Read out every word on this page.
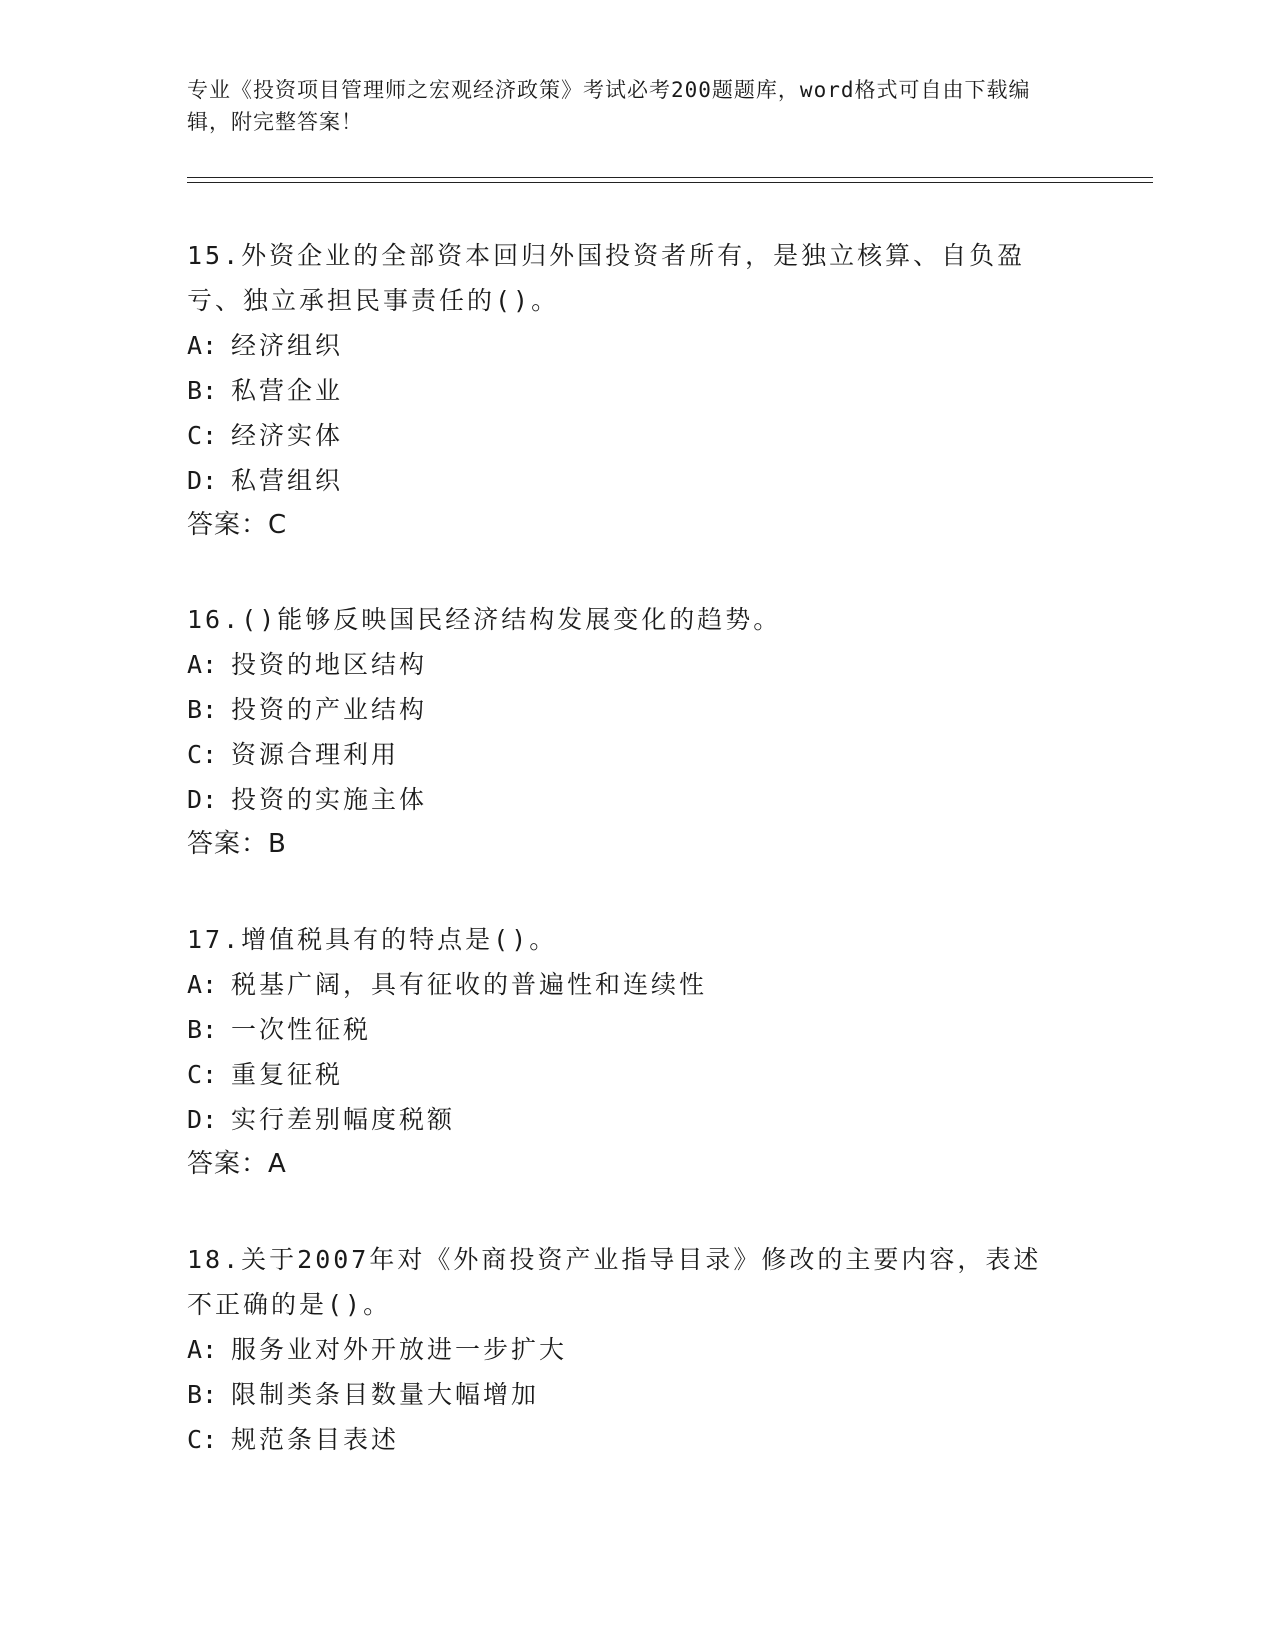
专业《投资项目管理师之宏观经济政策》考试必考200题题库，word格式可自由下载编辑，附完整答案！
15.外资企业的全部资本回归外国投资者所有，是独立核算、自负盈亏、独立承担民事责任的()。
A: 经济组织
B: 私营企业
C: 经济实体
D: 私营组织
答案：C
16.()能够反映国民经济结构发展变化的趋势。
A: 投资的地区结构
B: 投资的产业结构
C: 资源合理利用
D: 投资的实施主体
答案：B
17.增值税具有的特点是()。
A: 税基广阔，具有征收的普遍性和连续性
B: 一次性征税
C: 重复征税
D: 实行差别幅度税额
答案：A
18.关于2007年对《外商投资产业指导目录》修改的主要内容，表述不正确的是()。
A: 服务业对外开放进一步扩大
B: 限制类条目数量大幅增加
C: 规范条目表述
